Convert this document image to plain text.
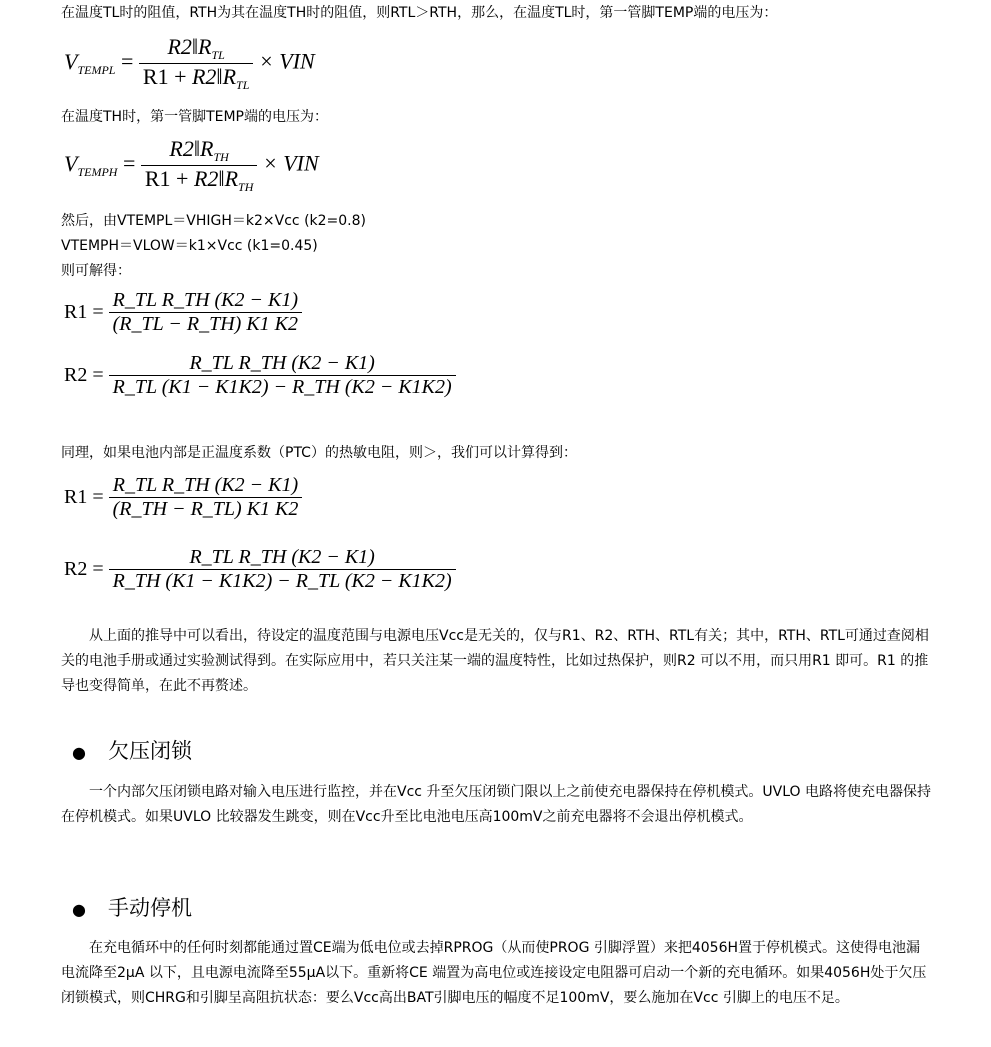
在温度TL时的阻值，RTH为其在温度TH时的阻值，则RTL＞RTH，那么，在温度TL时，第一管脚TEMP端的电压为：
$V_{TEMPL} = \frac{R2‖R_{TL}}{R1 + R2‖R_{TL}}$ × VIN
在温度TH时，第一管脚TEMP端的电压为：
$V_{TEMPH} = \frac{R2‖R_{TH}}{R1 + R2‖R_{TH}}$ × VIN
然后，由VTEMPL＝VHIGH＝k2×Vcc (k2=0.8)
VTEMPH＝VLOW＝k1×Vcc (k1=0.45)
则可解得：
$R1 = \frac{\text{R\_TL R\_TH (K2 − K1)}}{(R\_TL - R\_TH) K1 K2}$
$R2 = \frac{\text{R\_TL R\_TH (K2 − K1)}}{R\_TL (K1 - K1K2) - R\_TH (K2 - K1K2)}$
同理，如果电池内部是正温度系数（PTC）的热敏电阻，则＞，我们可以计算得到：
$R1 = \frac{\text{R\_TL R\_TH (K2 − K1)}}{(R\_TH - R\_TL) K1 K2}$
$R2 = \frac{\text{R\_TL R\_TH (K2 − K1)}}{R\_TH (K1 - K1K2) - R\_TL (K2 - K1K2)}$
从上面的推导中可以看出，待设定的温度范围与电源电压Vcc是无关的，仅与R1、R2、RTH、RTL有关；其中，RTH、RTL可通过查阅相关的电池手册或通过实验测试得到。在实际应用中，若只关注某一端的温度特性，比如过热保护，则R2 可以不用，而只用R1 即可。R1 的推导也变得简单，在此不再赘述。
● 欠压闭锁
一个内部欠压闭锁电路对输入电压进行监控，并在Vcc 升至欠压闭锁门限以上之前使充电器保持在停机模式。UVLO 电路将使充电器保持在停机模式。如果UVLO 比较器发生跳变，则在Vcc升至比电池电压高100mV之前充电器将不会退出停机模式。
● 手动停机
在充电循环中的任何时刻都能通过置CE端为低电位或去掉RPROG（从而使PROG 引脚浮置）来把4056H置于停机模式。这使得电池漏电流降至2μA 以下，且电源电流降至55μA以下。重新将CE 端置为高电位或连接设定电阻器可启动一个新的充电循环。如果4056H处于欠压闭锁模式，则CHRG和引脚呈高阻抗状态：要么Vcc高出BAT引脚电压的幅度不足100mV，要么施加在Vcc 引脚上的电压不足。
